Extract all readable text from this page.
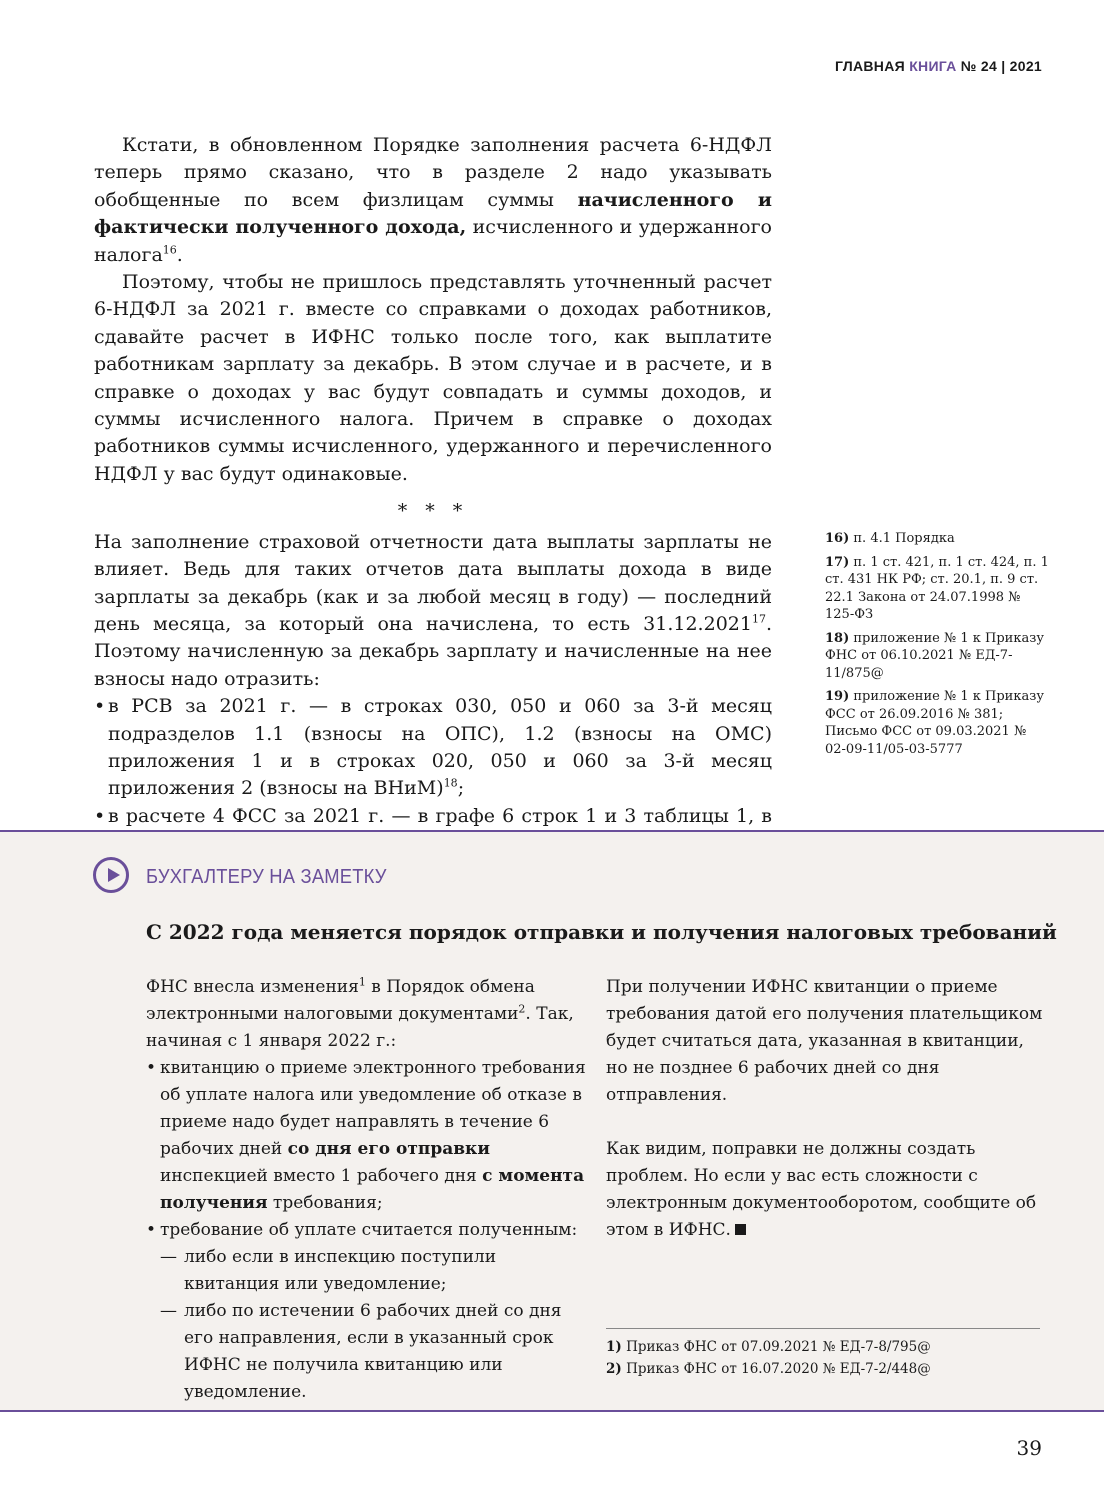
ГЛАВНАЯ КНИГА № 24 | 2021

Кстати, в обновленном Порядке заполнения расчета 6-НДФЛ теперь прямо сказано, что в разделе 2 надо указывать обобщенные по всем физлицам суммы начисленного и фактически полученного дохода, исчисленного и удержанного налога$^{16}$.

Поэтому, чтобы не пришлось представлять уточненный расчет 6-НДФЛ за 2021 г. вместе со справками о доходах работников, сдавайте расчет в ИФНС только после того, как выплатите работникам зарплату за декабрь. В этом случае и в расчете, и в справке о доходах у вас будут совпадать и суммы доходов, и суммы исчисленного налога. Причем в справке о доходах работников суммы исчисленного, удержанного и перечисленного НДФЛ у вас будут одинаковые.

* * *

На заполнение страховой отчетности дата выплаты зарплаты не влияет. Ведь для таких отчетов дата выплаты дохода в виде зарплаты за декабрь (как и за любой месяц в году) — последний день месяца, за который она начислена, то есть 31.12.2021$^{17}$. Поэтому начисленную за декабрь зарплату и начисленные на нее взносы надо отразить:

• в РСВ за 2021 г. — в строках 030, 050 и 060 за 3-й месяц подразделов 1.1 (взносы на ОПС), 1.2 (взносы на ОМС) приложения 1 и в строках 020, 050 и 060 за 3-й месяц приложения 2 (взносы на ВНиМ)$^{18}$;

• в расчете 4 ФСС за 2021 г. — в графе 6 строк 1 и 3 таблицы 1, в

16) п. 4.1 Порядка
17) п. 1 ст. 421, п. 1 ст. 424, п. 1 ст. 431 НК РФ; ст. 20.1, п. 9 ст. 22.1 Закона от 24.07.1998 № 125-ФЗ
18) приложение № 1 к Приказу ФНС от 06.10.2021 № ЕД-7-11/875@
19) приложение № 1 к Приказу ФСС от 26.09.2016 № 381; Письмо ФСС от 09.03.2021 № 02-09-11/05-03-5777
БУХГАЛТЕРУ НА ЗАМЕТКУ
С 2022 года меняется порядок отправки и получения налоговых требований

ФНС внесла изменения$^1$ в Порядок обмена электронными налоговыми документами$^2$. Так, начиная с 1 января 2022 г.:

• квитанцию о приеме электронного требования об уплате налога или уведомление об отказе в приеме надо будет направлять в течение 6 рабочих дней со дня его отправки инспекцией вместо 1 рабочего дня с момента получения требования;

• требование об уплате считается полученным:

— либо если в инспекцию поступили квитанция или уведомление;

— либо по истечении 6 рабочих дней со дня его направления, если в указанный срок ИФНС не получила квитанцию или уведомление.

При получении ИФНС квитанции о приеме требования датой его получения плательщиком будет считаться дата, указанная в квитанции, но не позднее 6 рабочих дней со дня отправления.

Как видим, поправки не должны создать проблем. Но если у вас есть сложности с электронным документооборотом, сообщите об этом в ИФНС.

1) Приказ ФНС от 07.09.2021 № ЕД-7-8/795@
2) Приказ ФНС от 16.07.2020 № ЕД-7-2/448@
39
